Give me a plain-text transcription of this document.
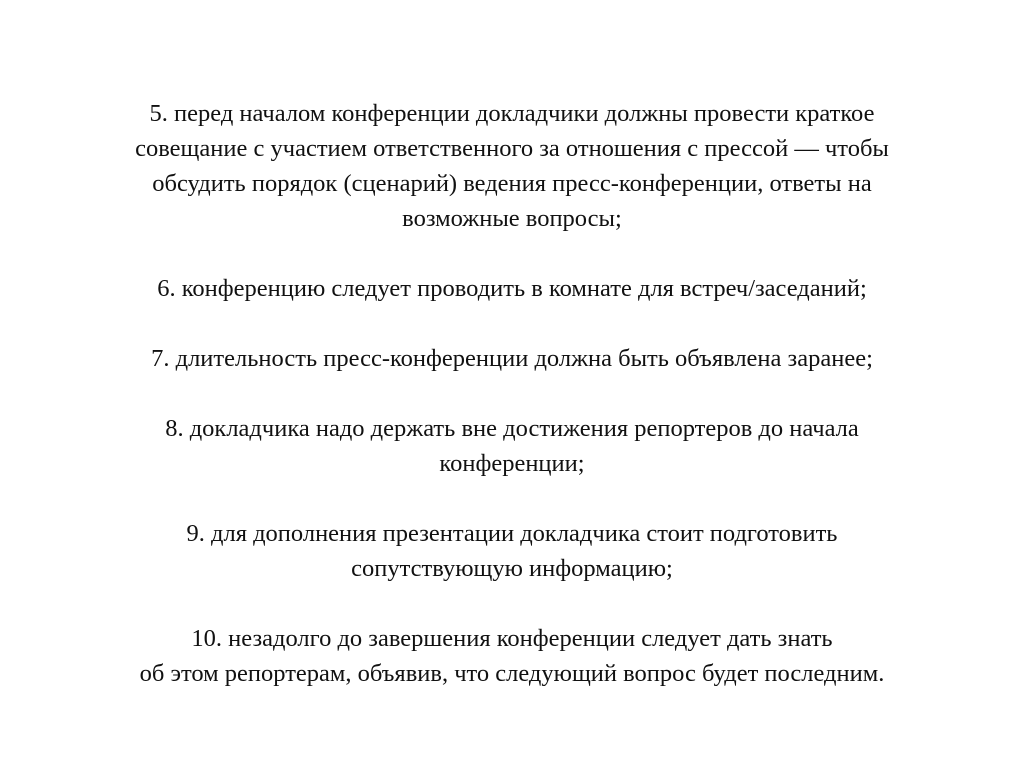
5. перед началом конференции докладчики должны провести краткое
совещание с участием ответственного за отношения с прессой — чтобы
обсудить порядок (сценарий) ведения пресс-конференции, ответы на
возможные вопросы;
6. конференцию следует проводить в комнате для встреч/заседаний;
7. длительность пресс-конференции должна быть объявлена заранее;
8. докладчика надо держать вне достижения репортеров до начала
конференции;
9. для дополнения презентации докладчика стоит подготовить
сопутствующую информацию;
10. незадолго до завершения конференции следует дать знать
об этом репортерам, объявив, что следующий вопрос будет последним.
